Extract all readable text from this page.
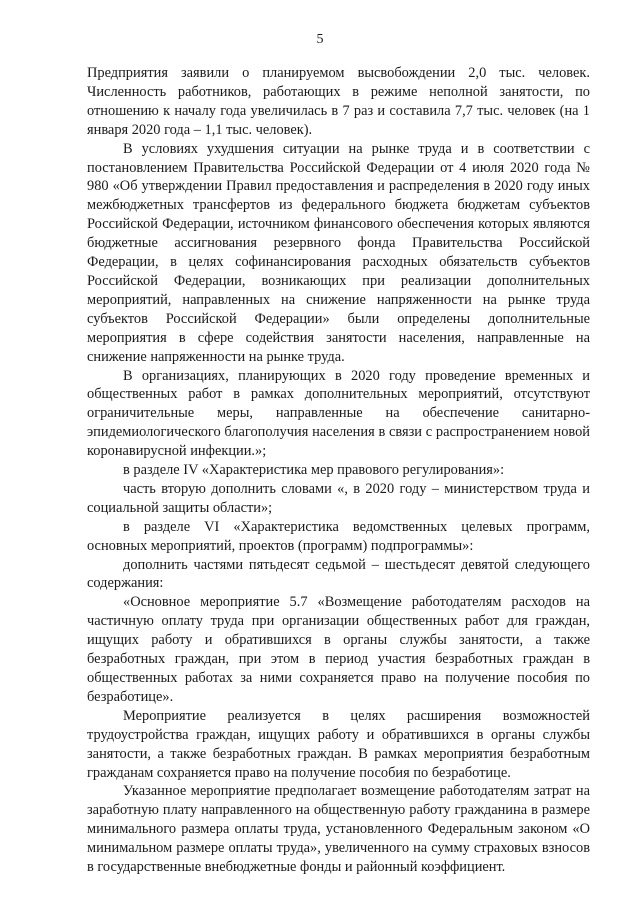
5

Предприятия заявили о планируемом высвобождении 2,0 тыс. человек. Численность работников, работающих в режиме неполной занятости, по отношению к началу года увеличилась в 7 раз и составила 7,7 тыс. человек (на 1 января 2020 года – 1,1 тыс. человек).

В условиях ухудшения ситуации на рынке труда и в соответствии с постановлением Правительства Российской Федерации от 4 июля 2020 года № 980 «Об утверждении Правил предоставления и распределения в 2020 году иных межбюджетных трансфертов из федерального бюджета бюджетам субъектов Российской Федерации, источником финансового обеспечения которых являются бюджетные ассигнования резервного фонда Правительства Российской Федерации, в целях софинансирования расходных обязательств субъектов Российской Федерации, возникающих при реализации дополнительных мероприятий, направленных на снижение напряженности на рынке труда субъектов Российской Федерации» были определены дополнительные мероприятия в сфере содействия занятости населения, направленные на снижение напряженности на рынке труда.

В организациях, планирующих в 2020 году проведение временных и общественных работ в рамках дополнительных мероприятий, отсутствуют ограничительные меры, направленные на обеспечение санитарно-эпидемиологического благополучия населения в связи с распространением новой коронавирусной инфекции.»;

в разделе IV «Характеристика мер правового регулирования»:

часть вторую дополнить словами «, в 2020 году – министерством труда и социальной защиты области»;

в разделе VI «Характеристика ведомственных целевых программ, основных мероприятий, проектов (программ) подпрограммы»:

дополнить частями пятьдесят седьмой – шестьдесят девятой следующего содержания:

«Основное мероприятие 5.7 «Возмещение работодателям расходов на частичную оплату труда при организации общественных работ для граждан, ищущих работу и обратившихся в органы службы занятости, а также безработных граждан, при этом в период участия безработных граждан в общественных работах за ними сохраняется право на получение пособия по безработице».

Мероприятие реализуется в целях расширения возможностей трудоустройства граждан, ищущих работу и обратившихся в органы службы занятости, а также безработных граждан. В рамках мероприятия безработным гражданам сохраняется право на получение пособия по безработице.

Указанное мероприятие предполагает возмещение работодателям затрат на заработную плату направленного на общественную работу гражданина в размере минимального размера оплаты труда, установленного Федеральным законом «О минимальном размере оплаты труда», увеличенного на сумму страховых взносов в государственные внебюджетные фонды и районный коэффициент.
